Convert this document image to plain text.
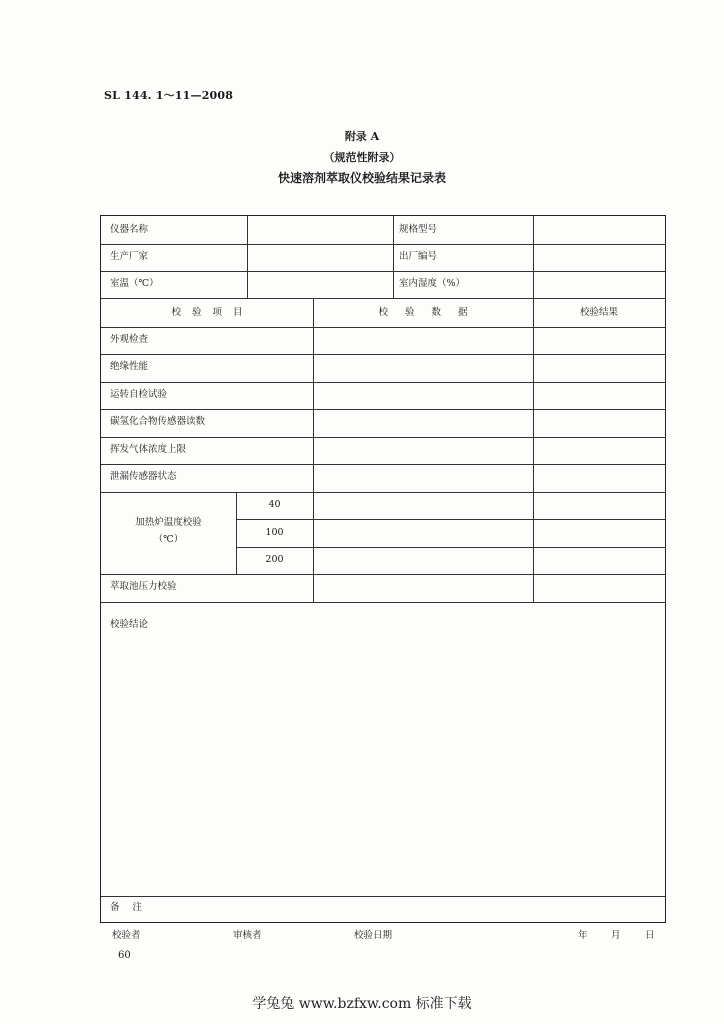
SL 144. 1～11—2008
附录 A
（规范性附录）
快速溶剂萃取仪校验结果记录表
仪器名称	规格型号
生产厂家	出厂编号
室温（℃）	室内湿度（%）
校 验 项 目	校 验 数 据	校验结果
外观检查
绝缘性能
运转自检试验
碳氢化合物传感器读数
挥发气体浓度上限
泄漏传感器状态
加热炉温度校验
（℃）
40
100
200
萃取池压力校验
校验结论
备 注
校验者	审核者	校验日期	年 月	日
60
学兔兔 www.bzfxw.com 标准下载
